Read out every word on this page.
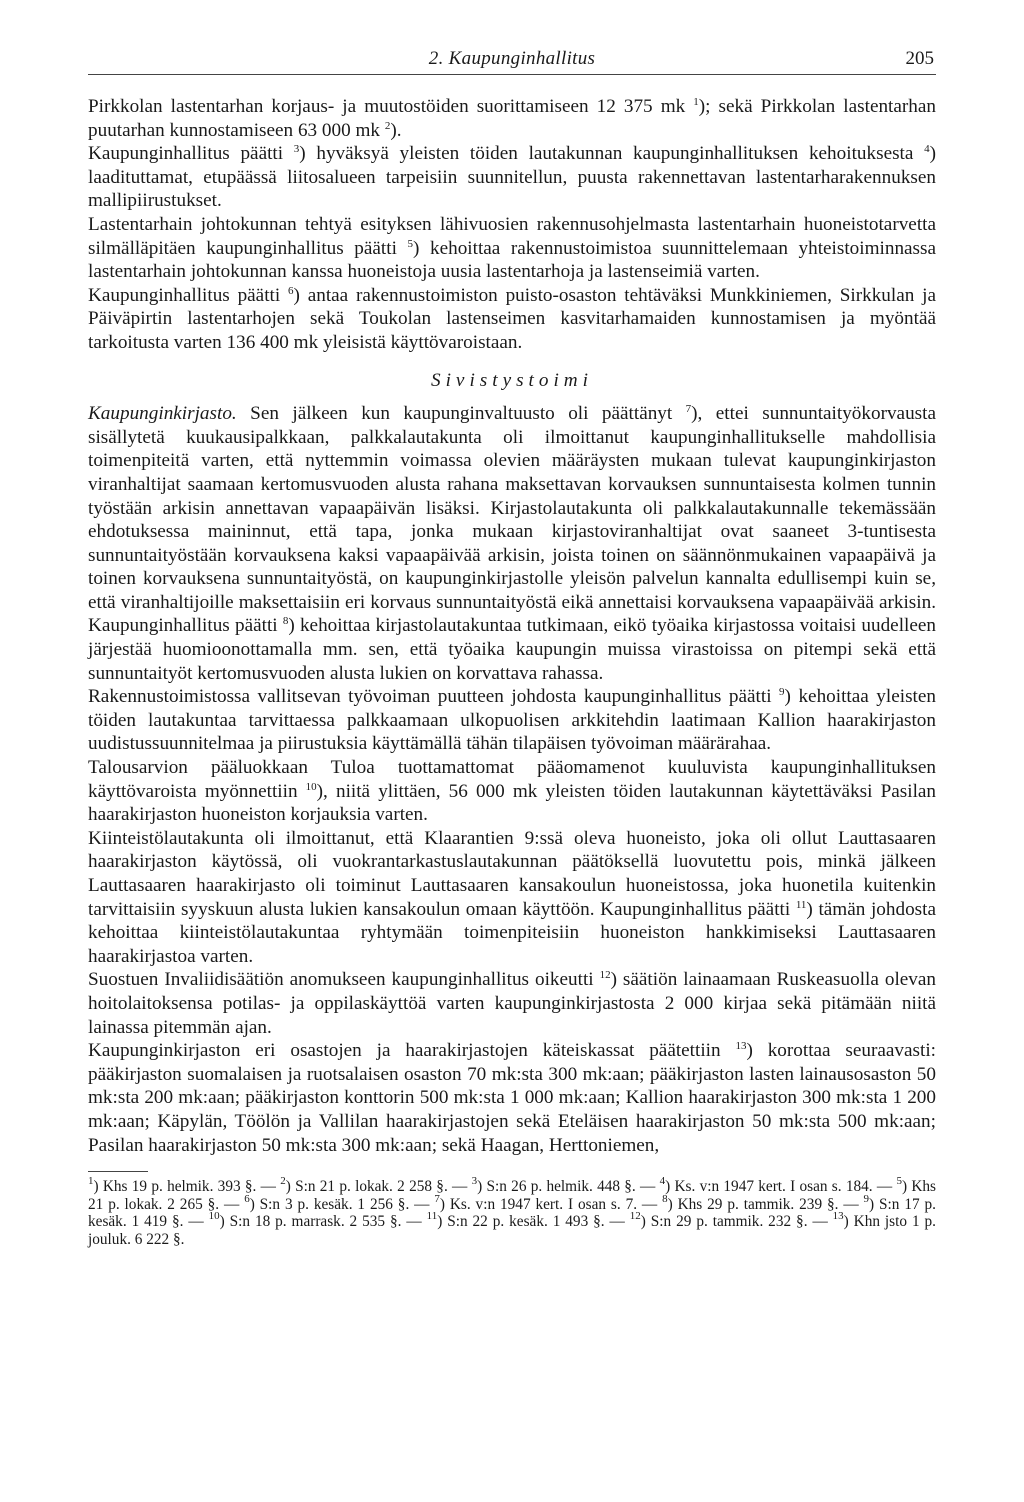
2. Kaupunginhallitus	205

Pirkkolan lastentarhan korjaus- ja muutostöiden suorittamiseen 12 375 mk $^1$); sekä Pirkkolan lastentarhan puutarhan kunnostamiseen 63 000 mk $^2$).

Kaupunginhallitus päätti $^3$) hyväksyä yleisten töiden lautakunnan kaupunginhallituksen kehoituksesta $^4$) laadituttamat, etupäässä liitosalueen tarpeisiin suunnitellun, puusta rakennettavan lastentarharakennuksen mallipiirustukset.

Lastentarhain johtokunnan tehtyä esityksen lähivuosien rakennusohjelmasta lastentarhain huoneistotarvetta silmälläpitäen kaupunginhallitus päätti $^5$) kehoittaa rakennustoimistoa suunnittelemaan yhteistoiminnassa lastentarhain johtokunnan kanssa huoneistoja uusia lastentarhoja ja lastenseimiä varten.

Kaupunginhallitus päätti $^6$) antaa rakennustoimiston puisto-osaston tehtäväksi Munkkiniemen, Sirkkulan ja Päiväpirtin lastentarhojen sekä Toukolan lastenseimen kasvitarhamaiden kunnostamisen ja myöntää tarkoitusta varten 136 400 mk yleisistä käyttövaroistaan.

Sivistystoimi

Kaupunginkirjasto. Sen jälkeen kun kaupunginvaltuusto oli päättänyt $^7$), ettei sunnuntaityökorvausta sisällytetä kuukausipalkkaan, palkkalautakunta oli ilmoittanut kaupunginhallitukselle mahdollisia toimenpiteitä varten, että nyttemmin voimassa olevien määräysten mukaan tulevat kaupunginkirjaston viranhaltijat saamaan kertomusvuoden alusta rahana maksettavan korvauksen sunnuntaisesta kolmen tunnin työstään arkisin annettavan vapaapäivän lisäksi. Kirjastolautakunta oli palkkalautakunnalle tekemässään ehdotuksessa maininnut, että tapa, jonka mukaan kirjastoviranhaltijat ovat saaneet 3-tuntisesta sunnuntaityöstään korvauksena kaksi vapaapäivää arkisin, joista toinen on säännönmukainen vapaapäivä ja toinen korvauksena sunnuntaityöstä, on kaupunginkirjastolle yleisön palvelun kannalta edullisempi kuin se, että viranhaltijoille maksettaisiin eri korvaus sunnuntaityöstä eikä annettaisi korvauksena vapaapäivää arkisin. Kaupunginhallitus päätti $^8$) kehoittaa kirjastolautakuntaa tutkimaan, eikö työaika kirjastossa voitaisi uudelleen järjestää huomioonottamalla mm. sen, että työaika kaupungin muissa virastoissa on pitempi sekä että sunnuntaityöt kertomusvuoden alusta lukien on korvattava rahassa.

Rakennustoimistossa vallitsevan työvoiman puutteen johdosta kaupunginhallitus päätti $^9$) kehoittaa yleisten töiden lautakuntaa tarvittaessa palkkaamaan ulkopuolisen arkkitehdin laatimaan Kallion haarakirjaston uudistussuunnitelmaa ja piirustuksia käyttämällä tähän tilapäisen työvoiman määrärahaa.

Talousarvion pääluokkaan Tuloa tuottamattomat pääomamenot kuuluvista kaupunginhallituksen käyttövaroista myönnettiin $^{10}$), niitä ylittäen, 56 000 mk yleisten töiden lautakunnan käytettäväksi Pasilan haarakirjaston huoneiston korjauksia varten.

Kiinteistölautakunta oli ilmoittanut, että Klaarantien 9:ssä oleva huoneisto, joka oli ollut Lauttasaaren haarakirjaston käytössä, oli vuokrantarkastuslautakunnan päätöksellä luovutettu pois, minkä jälkeen Lauttasaaren haarakirjasto oli toiminut Lauttasaaren kansakoulun huoneistossa, joka huonetila kuitenkin tarvittaisiin syyskuun alusta lukien kansakoulun omaan käyttöön. Kaupunginhallitus päätti $^{11}$) tämän johdosta kehoittaa kiinteistölautakuntaa ryhtymään toimenpiteisiin huoneiston hankkimiseksi Lauttasaaren haarakirjastoa varten.

Suostuen Invaliidisäätiön anomukseen kaupunginhallitus oikeutti $^{12}$) säätiön lainaamaan Ruskeasuolla olevan hoitolaitoksensa potilas- ja oppilaskäyttöä varten kaupunginkirjastosta 2 000 kirjaa sekä pitämään niitä lainassa pitemmän ajan.

Kaupunginkirjaston eri osastojen ja haarakirjastojen käteiskassat päätettiin $^{13}$) korottaa seuraavasti: pääkirjaston suomalaisen ja ruotsalaisen osaston 70 mk:sta 300 mk:aan; pääkirjaston lasten lainausosaston 50 mk:sta 200 mk:aan; pääkirjaston konttorin 500 mk:sta 1 000 mk:aan; Kallion haarakirjaston 300 mk:sta 1 200 mk:aan; Käpylän, Töölön ja Vallilan haarakirjastojen sekä Eteläisen haarakirjaston 50 mk:sta 500 mk:aan; Pasilan haarakirjaston 50 mk:sta 300 mk:aan; sekä Haagan, Herttoniemen,

$^1$) Khs 19 p. helmik. 393 §. — $^2$) S:n 21 p. lokak. 2 258 §. — $^3$) S:n 26 p. helmik. 448 §. — $^4$) Ks. v:n 1947 kert. I osan s. 184. — $^5$) Khs 21 p. lokak. 2 265 §. — $^6$) S:n 3 p. kesäk. 1 256 §. — $^7$) Ks. v:n 1947 kert. I osan s. 7. — $^8$) Khs 29 p. tammik. 239 §. — $^9$) S:n 17 p. kesäk. 1 419 §. — $^{10}$) S:n 18 p. marrask. 2 535 §. — $^{11}$) S:n 22 p. kesäk. 1 493 §. — $^{12}$) S:n 29 p. tammik. 232 §. — $^{13}$) Khn jsto 1 p. jouluk. 6 222 §.
